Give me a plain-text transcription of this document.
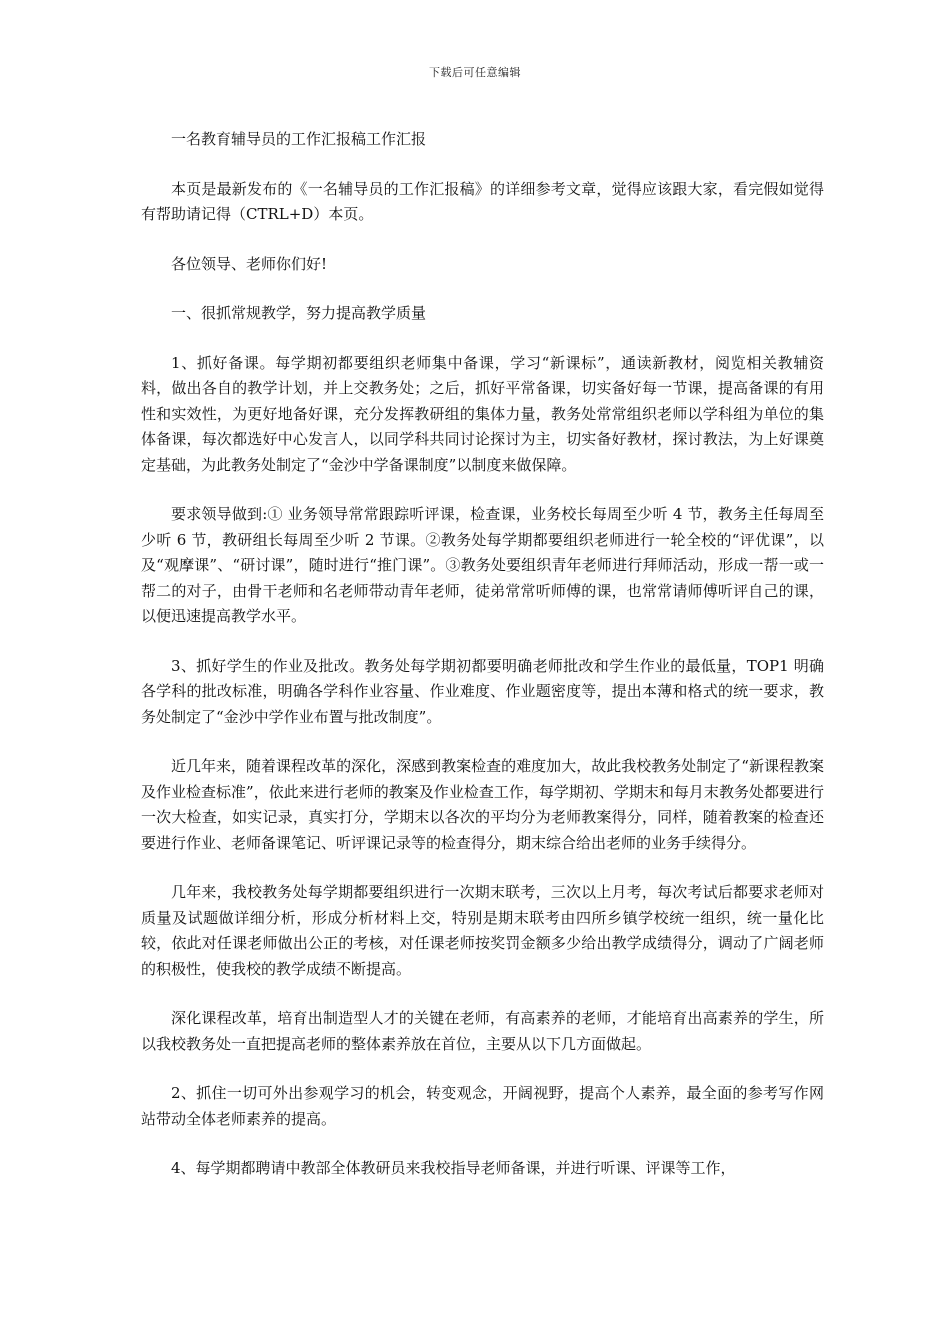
下载后可任意编辑

一名教育辅导员的工作汇报稿工作汇报

本页是最新发布的《一名辅导员的工作汇报稿》的详细参考文章，觉得应该跟大家，看完假如觉得有帮助请记得（CTRL+D）本页。

各位领导、老师你们好!

一、很抓常规教学，努力提高教学质量

1、抓好备课。每学期初都要组织老师集中备课，学习“新课标”，通读新教材，阅览相关教辅资料，做出各自的教学计划，并上交教务处；之后，抓好平常备课，切实备好每一节课，提高备课的有用性和实效性，为更好地备好课，充分发挥教研组的集体力量，教务处常常组织老师以学科组为单位的集体备课，每次都选好中心发言人，以同学科共同讨论探讨为主，切实备好教材，探讨教法，为上好课奠定基础，为此教务处制定了“金沙中学备课制度”以制度来做保障。

要求领导做到:① 业务领导常常跟踪听评课，检查课，业务校长每周至少听 4 节，教务主任每周至少听 6 节，教研组长每周至少听 2 节课。②教务处每学期都要组织老师进行一轮全校的“评优课”，以及“观摩课”、“研讨课”，随时进行“推门课”。③教务处要组织青年老师进行拜师活动，形成一帮一或一帮二的对子，由骨干老师和名老师带动青年老师，徒弟常常听师傅的课，也常常请师傅听评自己的课，以便迅速提高教学水平。

3、抓好学生的作业及批改。教务处每学期初都要明确老师批改和学生作业的最低量，TOP1 明确各学科的批改标准，明确各学科作业容量、作业难度、作业题密度等，提出本薄和格式的统一要求，教务处制定了“金沙中学作业布置与批改制度”。

近几年来，随着课程改革的深化，深感到教案检查的难度加大，故此我校教务处制定了“新课程教案及作业检查标准”，依此来进行老师的教案及作业检查工作，每学期初、学期末和每月末教务处都要进行一次大检查，如实记录，真实打分，学期末以各次的平均分为老师教案得分，同样，随着教案的检查还要进行作业、老师备课笔记、听评课记录等的检查得分，期末综合给出老师的业务手续得分。

几年来，我校教务处每学期都要组织进行一次期末联考，三次以上月考，每次考试后都要求老师对质量及试题做详细分析，形成分析材料上交，特别是期末联考由四所乡镇学校统一组织，统一量化比较，依此对任课老师做出公正的考核，对任课老师按奖罚金额多少给出教学成绩得分，调动了广阔老师的积极性，使我校的教学成绩不断提高。

深化课程改革，培育出制造型人才的关键在老师，有高素养的老师，才能培育出高素养的学生，所以我校教务处一直把提高老师的整体素养放在首位，主要从以下几方面做起。

2、抓住一切可外出参观学习的机会，转变观念，开阔视野，提高个人素养，最全面的参考写作网站带动全体老师素养的提高。

4、每学期都聘请中教部全体教研员来我校指导老师备课，并进行听课、评课等工作，
